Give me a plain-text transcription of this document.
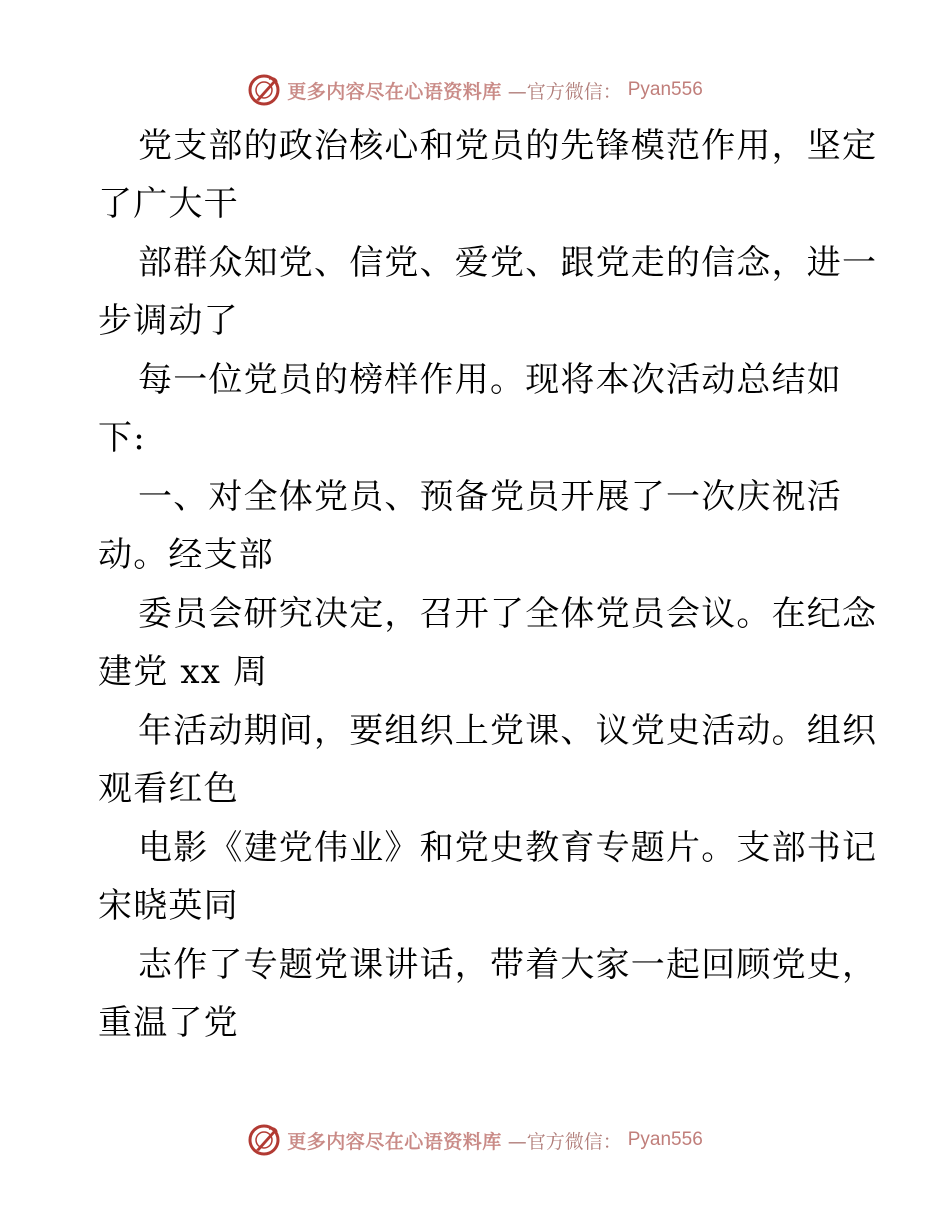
更多内容尽在心语资料库 —官方微信： Pyan556
党支部的政治核心和党员的先锋模范作用，坚定
了广大干
部群众知党、信党、爱党、跟党走的信念，进一
步调动了
每一位党员的榜样作用。现将本次活动总结如
下:
一、对全体党员、预备党员开展了一次庆祝活
动。经支部
委员会研究决定，召开了全体党员会议。在纪念
建党 xx 周
年活动期间，要组织上党课、议党史活动。组织
观看红色
电影《建党伟业》和党史教育专题片。支部书记
宋晓英同
志作了专题党课讲话，带着大家一起回顾党史，
重温了党
更多内容尽在心语资料库 —官方微信： Pyan556
